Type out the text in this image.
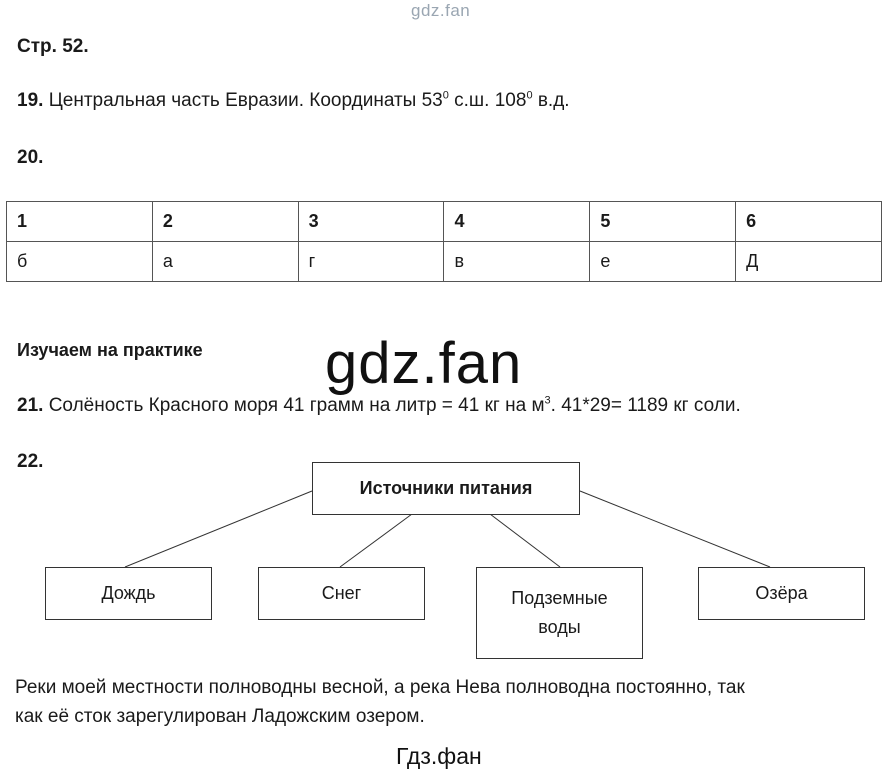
gdz.fan
Стр. 52.
19. Центральная часть Евразии. Координаты $53^0$ с.ш. $108^0$ в.д.
20.
1	2	3	4	5	6
б	а	г	в	е	Д
Изучаем на практике gdz.fan
21. Солёность Красного моря 41 грамм на литр = 41 кг на $м^3$. 41*29= 1189 кг соли.
22.
Источники питания
Дождь	Снег	Подземные воды
Озёра
Реки моей местности полноводны весной, а река Нева полноводна постоянно, так
как её сток зарегулирован Ладожским озером.
Гдз.фан
